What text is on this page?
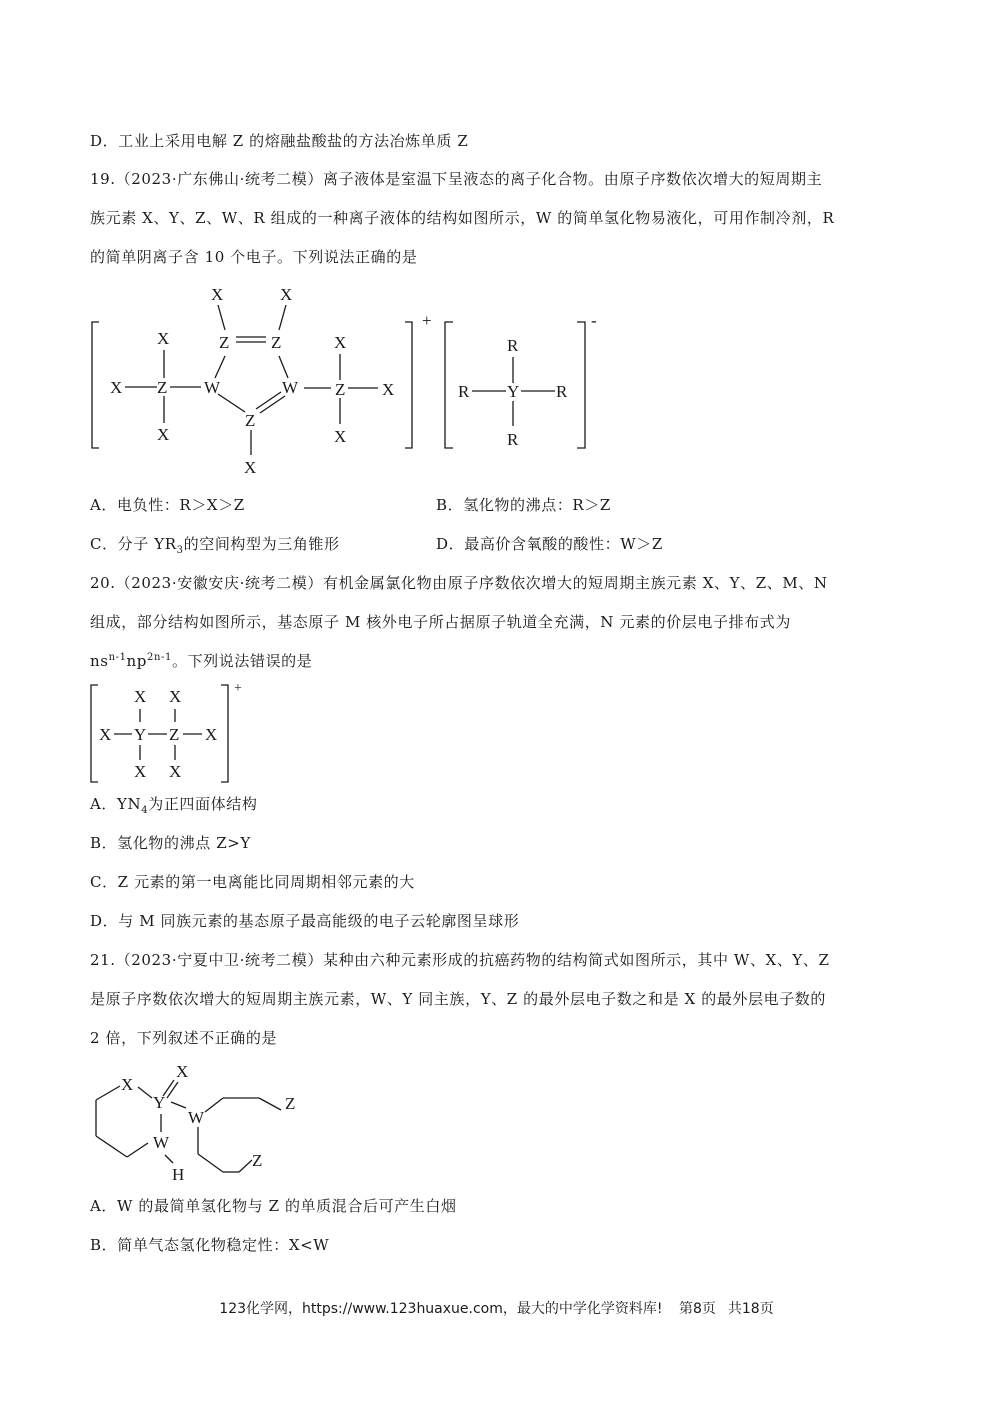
D．工业上采用电解 Z 的熔融盐酸盐的方法冶炼单质 Z
19.（2023·广东佛山·统考二模）离子液体是室温下呈液态的离子化合物。由原子序数依次增大的短周期主
族元素 X、Y、Z、W、R 组成的一种离子液体的结构如图所示，W 的简单氢化物易液化，可用作制冷剂，R
的简单阴离子含 10 个电子。下列说法正确的是
+	-
X
X Z
X
W
Z Z
W
Z
X
X	X
Z
X
X
X
R
R Y R
R
A．电负性：R＞X＞Z	B．氢化物的沸点：R＞Z
C．分子 $YR_3$的空间构型为三角锥形	D．最高价含氧酸的酸性：W＞Z
20.（2023·安徽安庆·统考二模）有机金属氯化物由原子序数依次增大的短周期主族元素 X、Y、Z、M、N
组成，部分结构如图所示，基态原子 M 核外电子所占据原子轨道全充满，N 元素的价层电子排布式为
$ns^{n-1}np^{2n-1}$。下列说法错误的是
+
X X
X Y Z X
X X
A．$YN_4$为正四面体结构
B．氢化物的沸点 Z>Y
C．Z 元素的第一电离能比同周期相邻元素的大
D．与 M 同族元素的基态原子最高能级的电子云轮廓图呈球形
21.（2023·宁夏中卫·统考二模）某种由六种元素形成的抗癌药物的结构简式如图所示，其中 W、X、Y、Z
是原子序数依次增大的短周期主族元素，W、Y 同主族，Y、Z 的最外层电子数之和是 X 的最外层电子数的
2 倍，下列叙述不正确的是
X
Y
W
X
H
W
Z
Z
A．W 的最简单氢化物与 Z 的单质混合后可产生白烟
B．简单气态氢化物稳定性：X<W
123化学网，https://www.123huaxue.com，最大的中学化学资料库! 第8页 共18页
